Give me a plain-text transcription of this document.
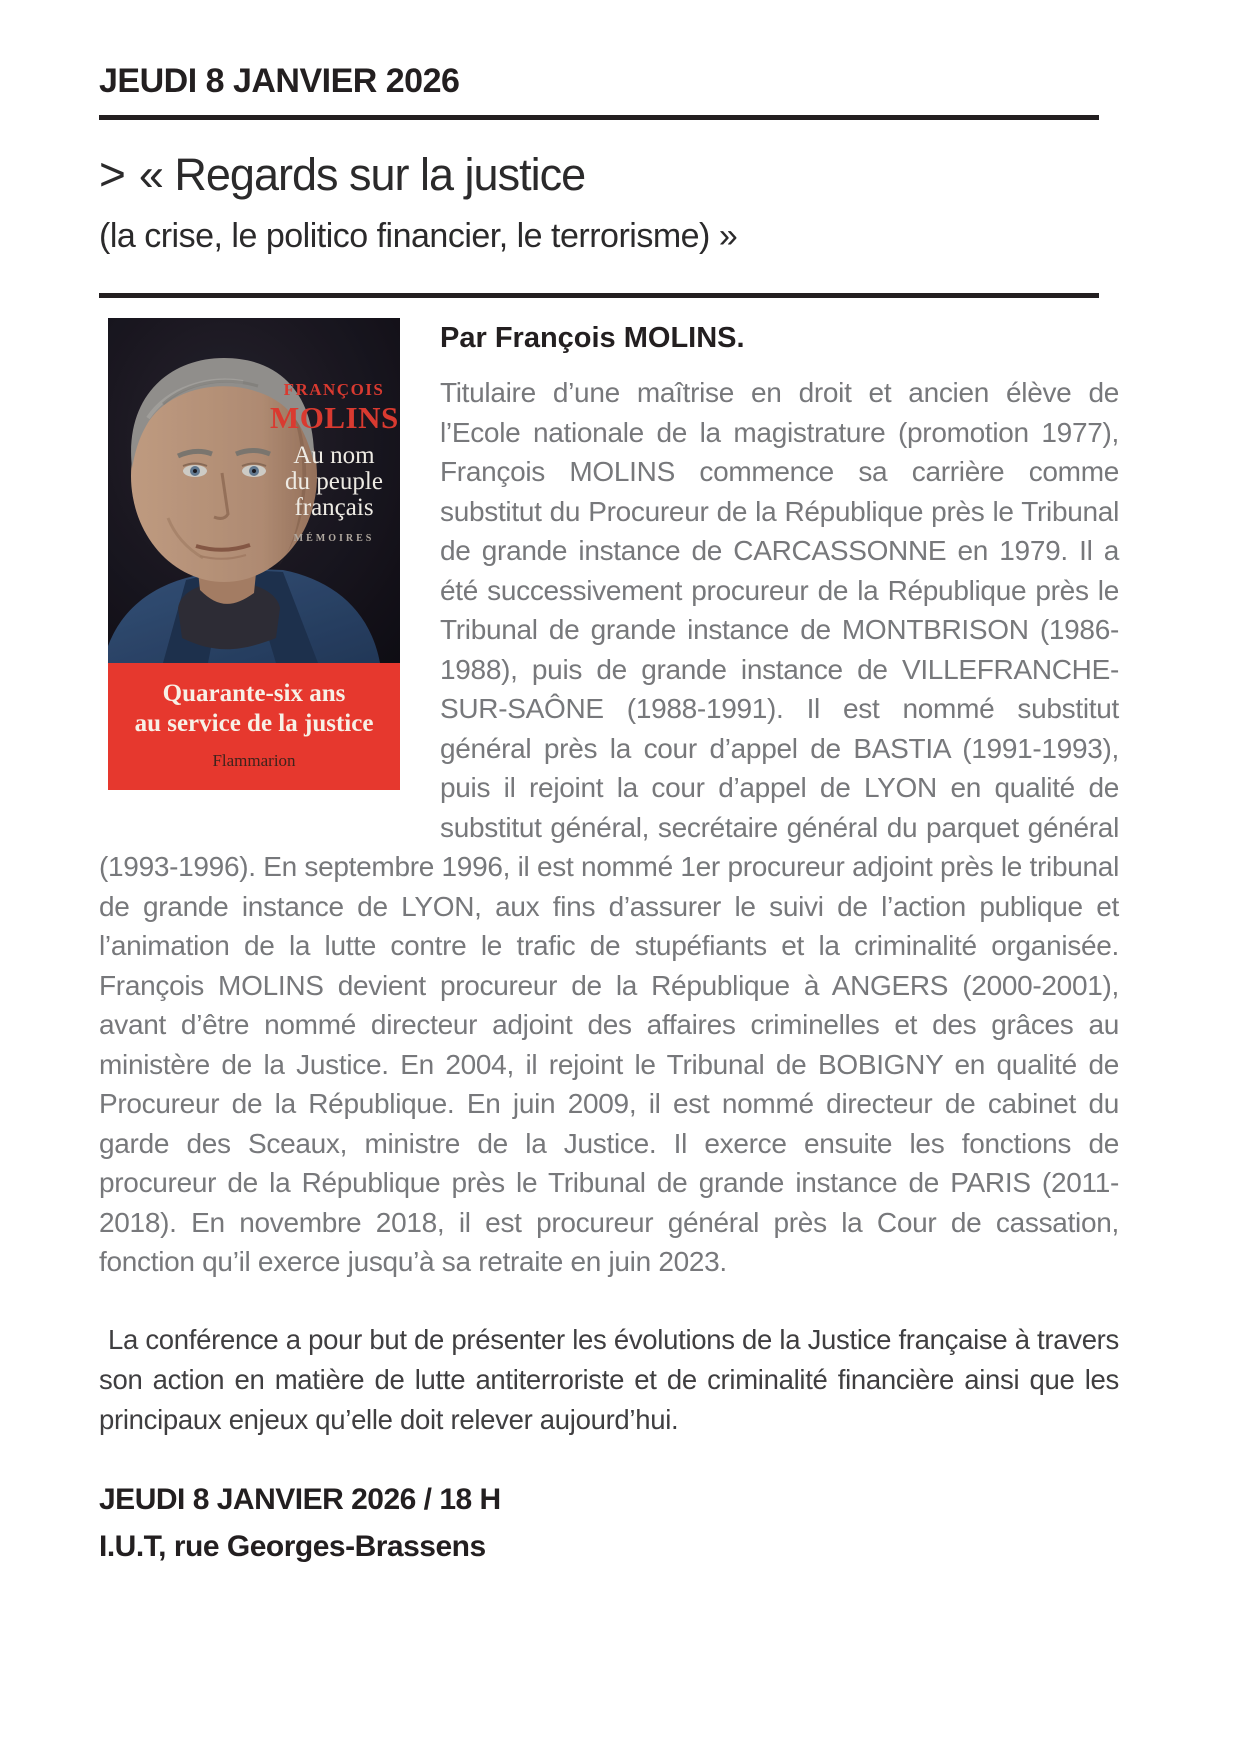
JEUDI 8 JANVIER 2026
> « Regards sur la justice
(la crise, le politico financier, le terrorisme) »
FRANÇOIS
MOLINS
Au nom
du peuple
français
MÉMOIRES
Quarante-six ans
au service de la justice
Flammarion

Par François MOLINS.

Titulaire d’une maîtrise en droit et ancien élève de l’Ecole nationale de la magistrature (promotion 1977), François MOLINS commence sa carrière comme substitut du Procureur de la République près le Tribunal de grande instance de CARCASSONNE en 1979. Il a été successivement procureur de la République près le Tribunal de grande instance de MONTBRISON (1986-1988), puis de grande instance de VILLEFRANCHE-SUR-SAÔNE (1988-1991). Il est nommé substitut général près la cour d’appel de BASTIA (1991-1993), puis il rejoint la cour d’appel de LYON en qualité de substitut général, secrétaire général du parquet général (1993-1996). En septembre 1996, il est nommé 1er procureur adjoint près le tribunal de grande instance de LYON, aux fins d’assurer le suivi de l’action publique et l’animation de la lutte contre le trafic de stupéfiants et la criminalité organisée. François MOLINS devient procureur de la République à ANGERS (2000-2001), avant d’être nommé directeur adjoint des affaires criminelles et des grâces au ministère de la Justice. En 2004, il rejoint le Tribunal de BOBIGNY en qualité de Procureur de la République. En juin 2009, il est nommé directeur de cabinet du garde des Sceaux, ministre de la Justice. Il exerce ensuite les fonctions de procureur de la République près le Tribunal de grande instance de PARIS (2011-2018). En novembre 2018, il est procureur général près la Cour de cassation, fonction qu’il exerce jusqu’à sa retraite en juin 2023.

La conférence a pour but de présenter les évolutions de la Justice française à travers son action en matière de lutte antiterroriste et de criminalité financière ainsi que les principaux enjeux qu’elle doit relever aujourd’hui.

JEUDI 8 JANVIER 2026 / 18 H
I.U.T, rue Georges-Brassens
